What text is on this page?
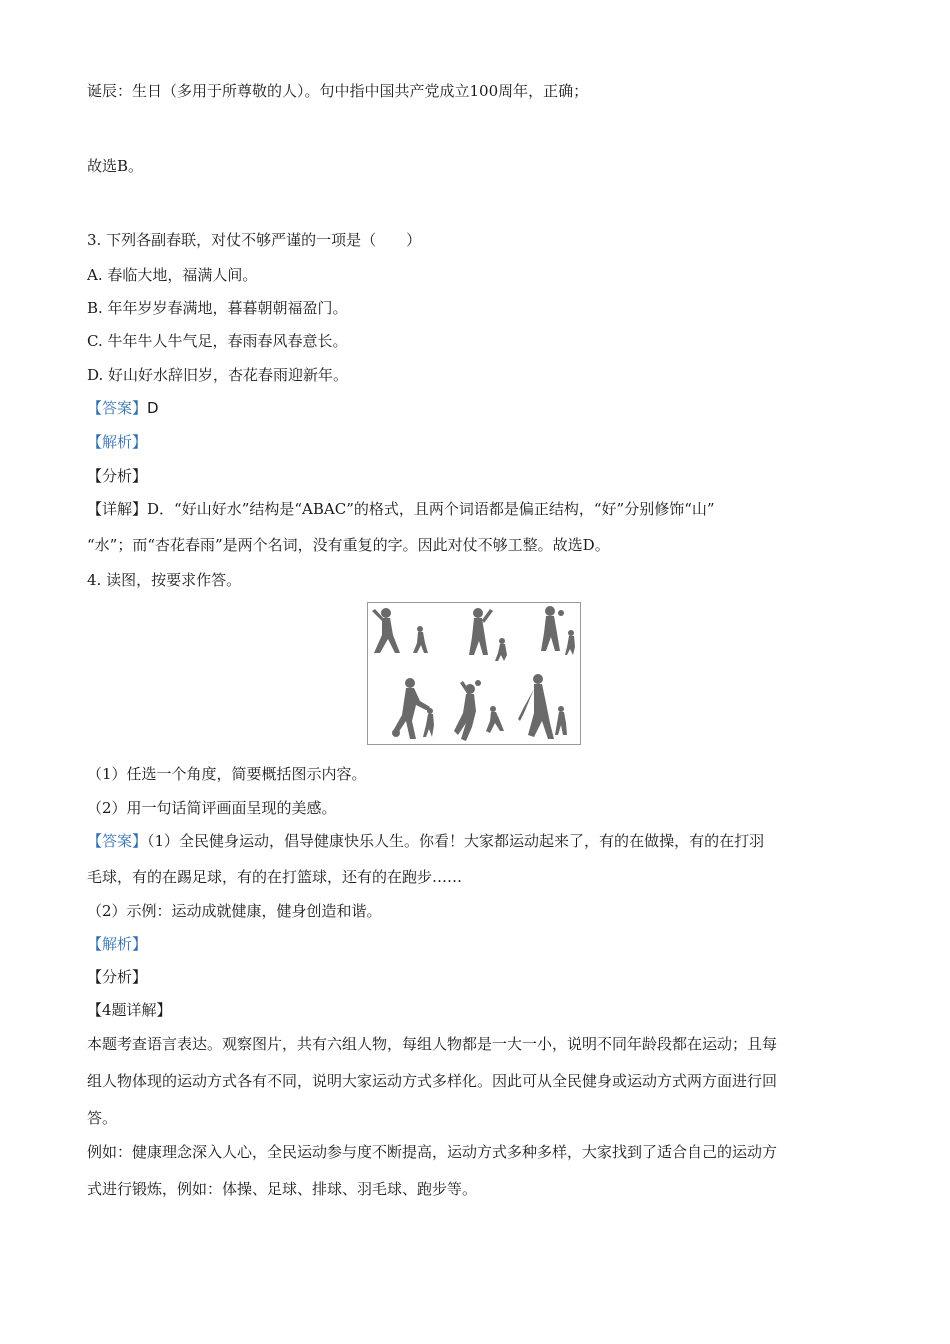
诞辰：生日（多用于所尊敬的人）。句中指中国共产党成立100周年，正确；
故选B。
3. 下列各副春联，对仗不够严谨的一项是（　　）
A. 春临大地，福满人间。
B. 年年岁岁春满地，暮暮朝朝福盈门。
C. 牛年牛人牛气足，春雨春风春意长。
D. 好山好水辞旧岁，杏花春雨迎新年。
【答案】D
【解析】
【分析】
【详解】D．“好山好水”结构是“ABAC”的格式，且两个词语都是偏正结构，“好”分别修饰“山”
“水”；而“杏花春雨”是两个名词，没有重复的字。因此对仗不够工整。故选D。
4. 读图，按要求作答。
（1）任选一个角度，简要概括图示内容。
（2）用一句话简评画面呈现的美感。
【答案】（1）全民健身运动，倡导健康快乐人生。你看！大家都运动起来了，有的在做操，有的在打羽
毛球，有的在踢足球，有的在打篮球，还有的在跑步……
（2）示例：运动成就健康，健身创造和谐。
【解析】
【分析】
【4题详解】
本题考查语言表达。观察图片，共有六组人物，每组人物都是一大一小，说明不同年龄段都在运动；且每
组人物体现的运动方式各有不同，说明大家运动方式多样化。因此可从全民健身或运动方式两方面进行回
答。
例如：健康理念深入人心，全民运动参与度不断提高，运动方式多种多样，大家找到了适合自己的运动方
式进行锻炼，例如：体操、足球、排球、羽毛球、跑步等。
